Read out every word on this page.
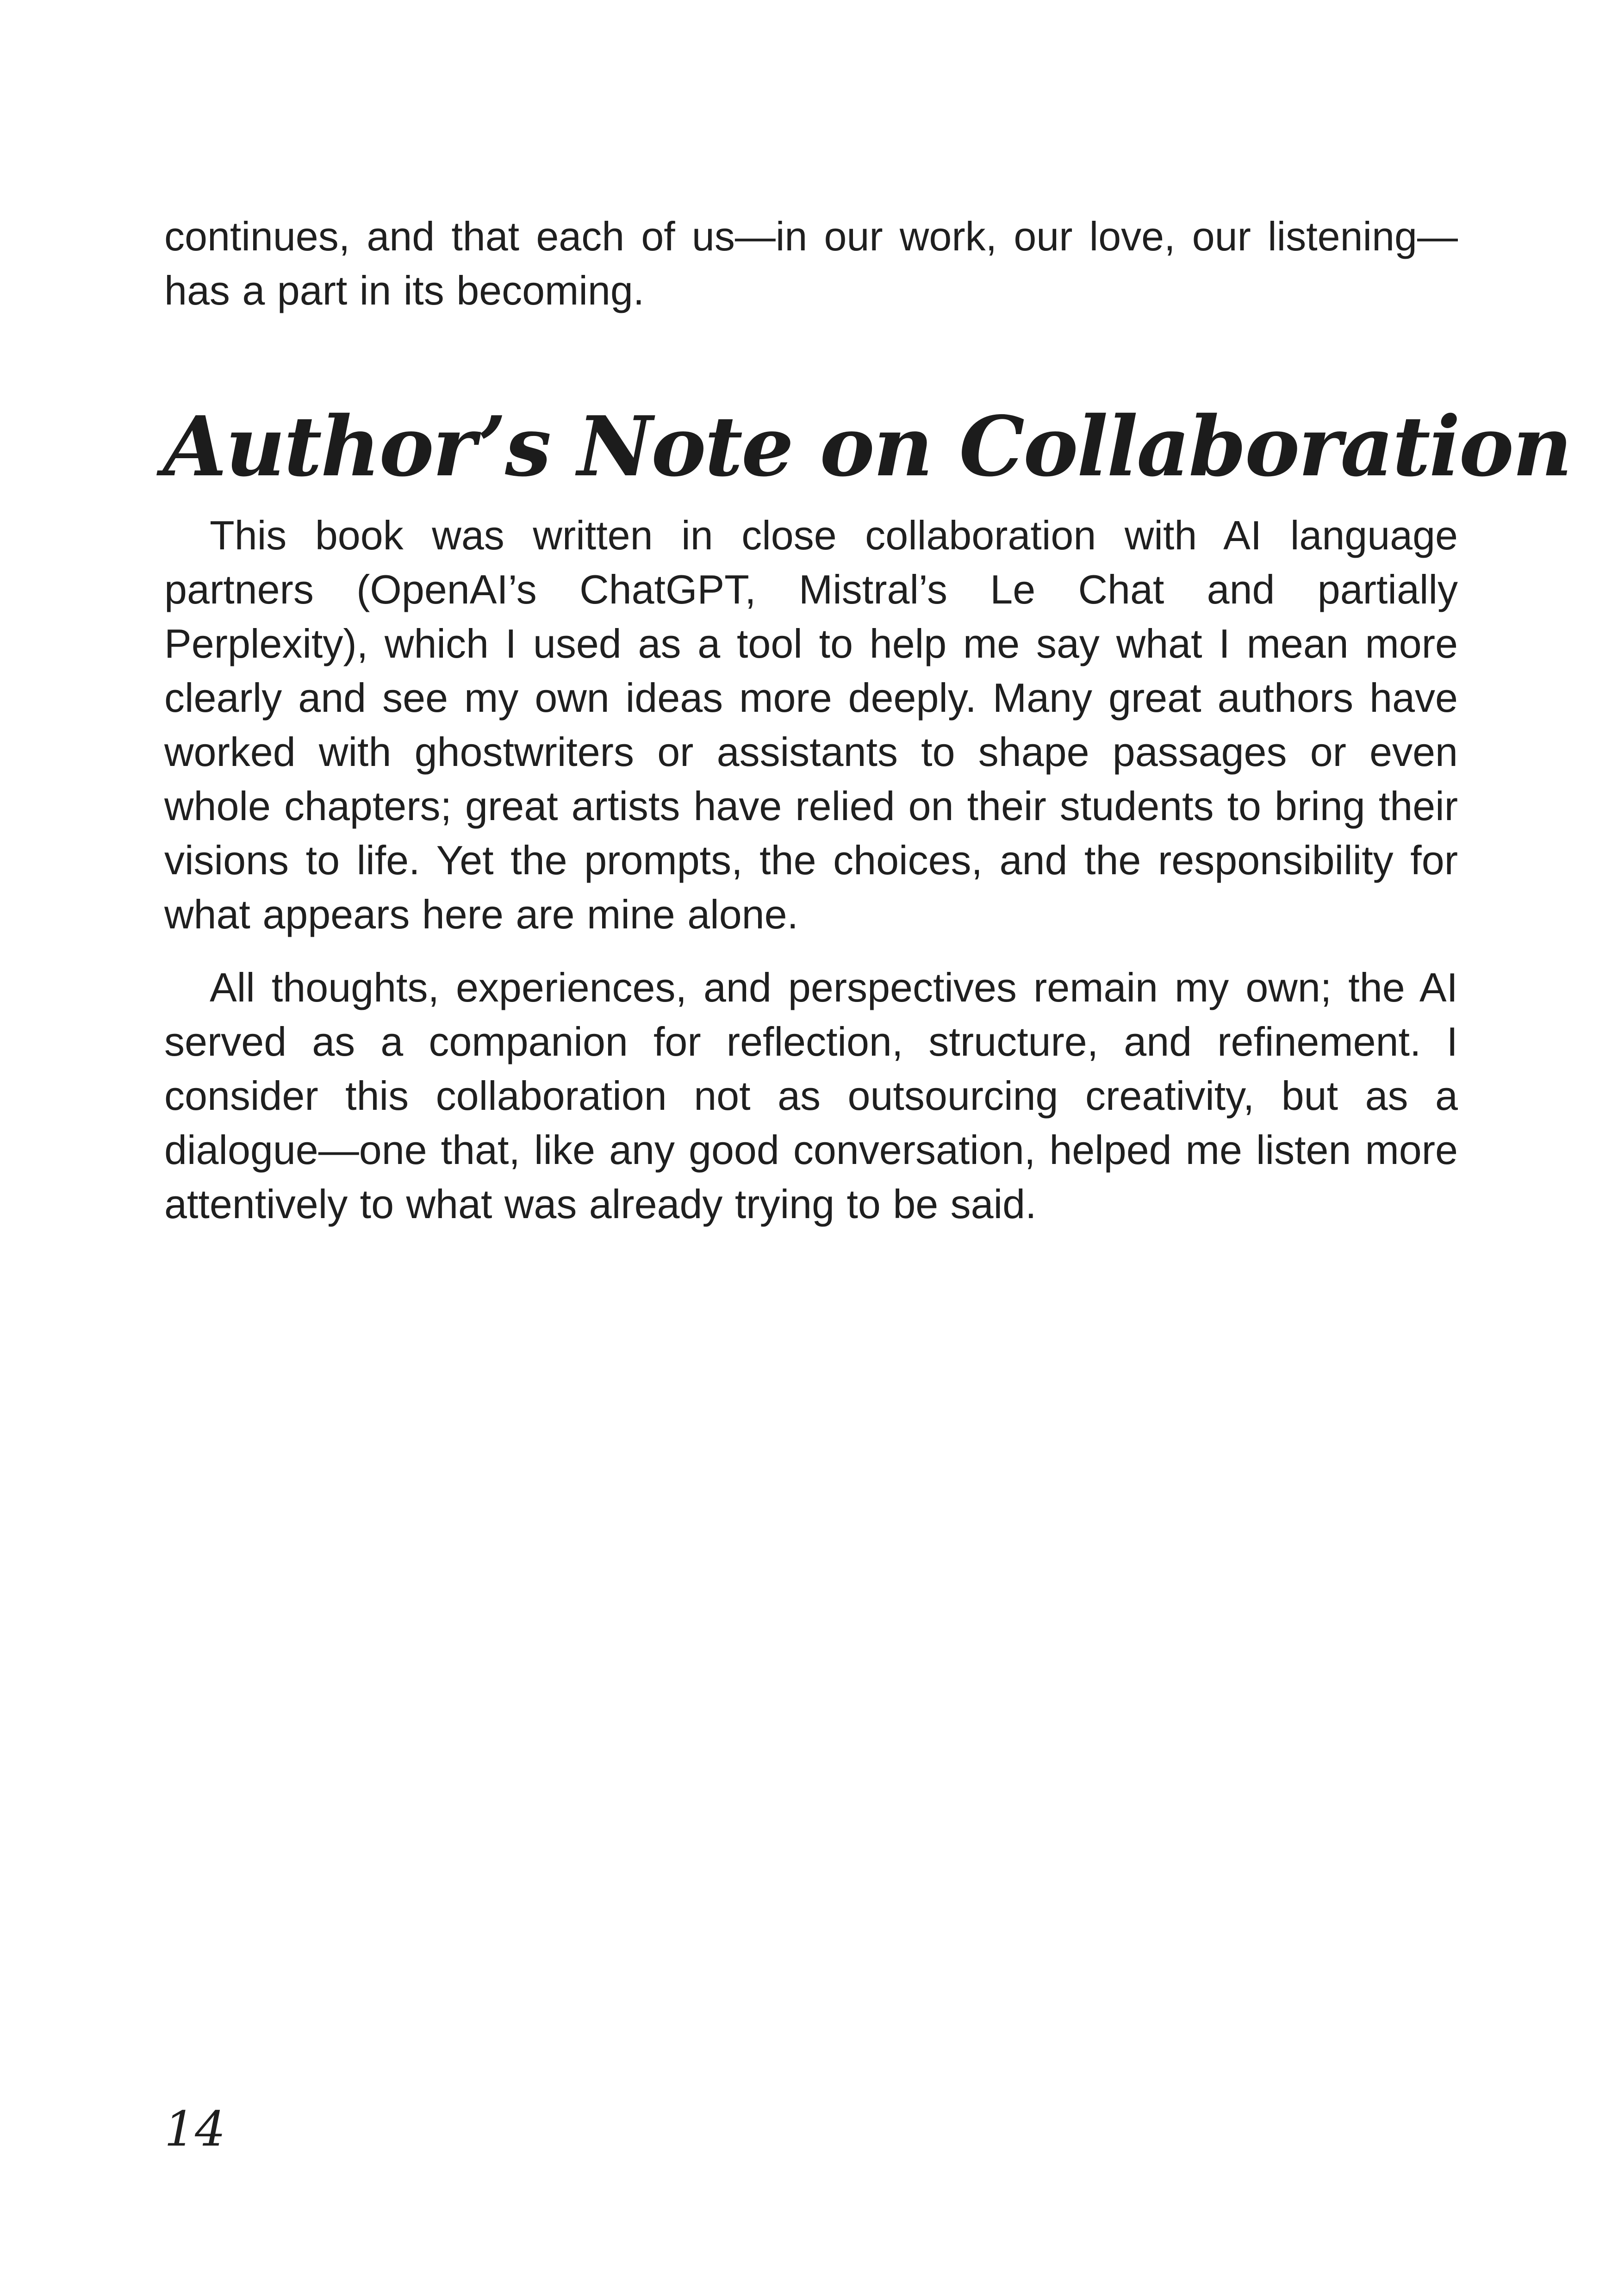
continues, and that each of us—in our work, our love, our listening—has a part in its becoming.
Author’s Note on Collaboration

This book was written in close collaboration with AI language partners (OpenAI’s ChatGPT, Mistral’s Le Chat and partially Perplexity), which I used as a tool to help me say what I mean more clearly and see my own ideas more deeply. Many great authors have worked with ghostwriters or assistants to shape passages or even whole chapters; great artists have relied on their students to bring their visions to life. Yet the prompts, the choices, and the responsibility for what appears here are mine alone.

All thoughts, experiences, and perspectives remain my own; the AI served as a companion for reflection, structure, and refinement. I consider this collaboration not as outsourcing creativity, but as a dialogue—one that, like any good conversation, helped me listen more attentively to what was already trying to be said.

14
